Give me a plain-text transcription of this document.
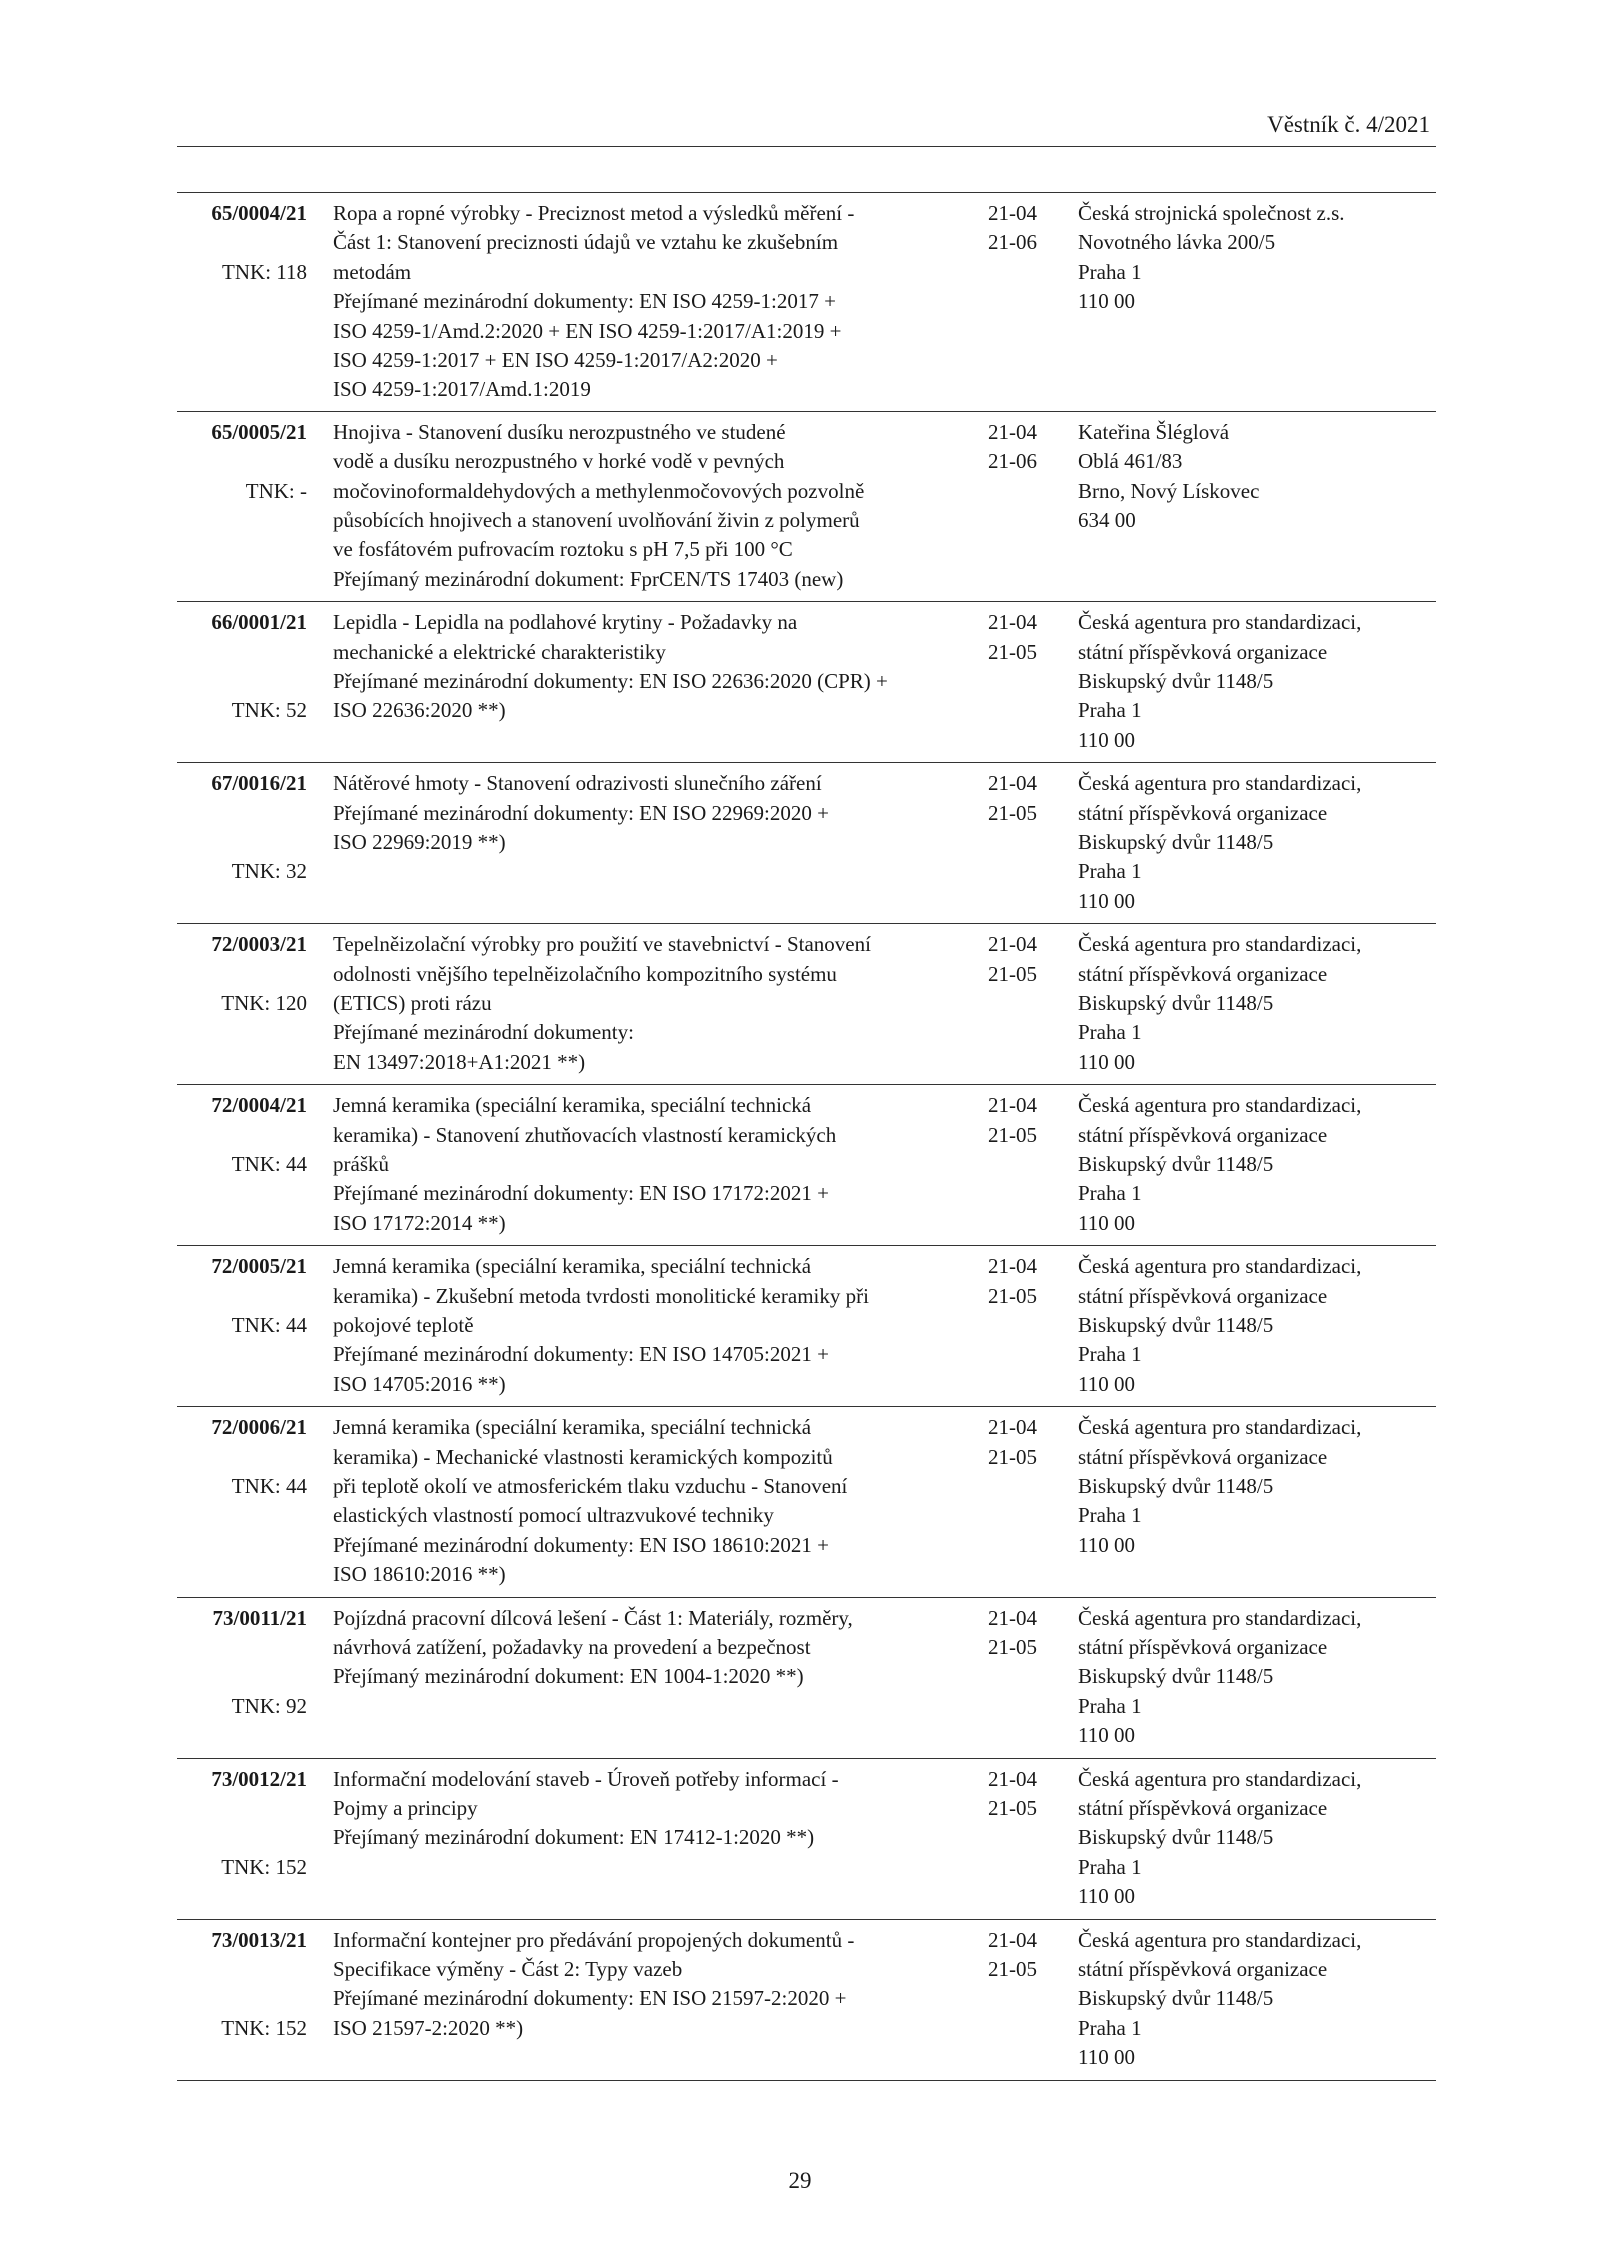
Věstník č. 4/2021
65/0004/21
TNK: 118
Ropa a ropné výrobky - Preciznost metod a výsledků měření -
Část 1: Stanovení preciznosti údajů ve vztahu ke zkušebním
metodám
Přejímané mezinárodní dokumenty: EN ISO 4259-1:2017 +
ISO 4259-1/Amd.2:2020 + EN ISO 4259-1:2017/A1:2019 +
ISO 4259-1:2017 + EN ISO 4259-1:2017/A2:2020 +
ISO 4259-1:2017/Amd.1:2019
21-04
21-06
Česká strojnická společnost z.s.
Novotného lávka 200/5
Praha 1
110 00
65/0005/21
TNK: -
Hnojiva - Stanovení dusíku nerozpustného ve studené
vodě a dusíku nerozpustného v horké vodě v pevných
močovinoformaldehydových a methylenmočovových pozvolně
působících hnojivech a stanovení uvolňování živin z polymerů
ve fosfátovém pufrovacím roztoku s pH 7,5 při 100 °C
Přejímaný mezinárodní dokument: FprCEN/TS 17403 (new)
21-04
21-06
Kateřina Šléglová
Oblá 461/83
Brno, Nový Lískovec
634 00
66/0001/21
TNK: 52
Lepidla - Lepidla na podlahové krytiny - Požadavky na
mechanické a elektrické charakteristiky
Přejímané mezinárodní dokumenty: EN ISO 22636:2020 (CPR) +
ISO 22636:2020 **)
21-04
21-05
Česká agentura pro standardizaci,
státní příspěvková organizace
Biskupský dvůr 1148/5
Praha 1
110 00
67/0016/21
TNK: 32
Nátěrové hmoty - Stanovení odrazivosti slunečního záření
Přejímané mezinárodní dokumenty: EN ISO 22969:2020 +
ISO 22969:2019 **)
21-04
21-05
Česká agentura pro standardizaci,
státní příspěvková organizace
Biskupský dvůr 1148/5
Praha 1
110 00
72/0003/21
TNK: 120
Tepelněizolační výrobky pro použití ve stavebnictví - Stanovení
odolnosti vnějšího tepelněizolačního kompozitního systému
(ETICS) proti rázu
Přejímané mezinárodní dokumenty:
EN 13497:2018+A1:2021 **)
21-04
21-05
Česká agentura pro standardizaci,
státní příspěvková organizace
Biskupský dvůr 1148/5
Praha 1
110 00
72/0004/21
TNK: 44
Jemná keramika (speciální keramika, speciální technická
keramika) - Stanovení zhutňovacích vlastností keramických
prášků
Přejímané mezinárodní dokumenty: EN ISO 17172:2021 +
ISO 17172:2014 **)
21-04
21-05
Česká agentura pro standardizaci,
státní příspěvková organizace
Biskupský dvůr 1148/5
Praha 1
110 00
72/0005/21
TNK: 44
Jemná keramika (speciální keramika, speciální technická
keramika) - Zkušební metoda tvrdosti monolitické keramiky při
pokojové teplotě
Přejímané mezinárodní dokumenty: EN ISO 14705:2021 +
ISO 14705:2016 **)
21-04
21-05
Česká agentura pro standardizaci,
státní příspěvková organizace
Biskupský dvůr 1148/5
Praha 1
110 00
72/0006/21
TNK: 44
Jemná keramika (speciální keramika, speciální technická
keramika) - Mechanické vlastnosti keramických kompozitů
při teplotě okolí ve atmosferickém tlaku vzduchu - Stanovení
elastických vlastností pomocí ultrazvukové techniky
Přejímané mezinárodní dokumenty: EN ISO 18610:2021 +
ISO 18610:2016 **)
21-04
21-05
Česká agentura pro standardizaci,
státní příspěvková organizace
Biskupský dvůr 1148/5
Praha 1
110 00
73/0011/21
TNK: 92
Pojízdná pracovní dílcová lešení - Část 1: Materiály, rozměry,
návrhová zatížení, požadavky na provedení a bezpečnost
Přejímaný mezinárodní dokument: EN 1004-1:2020 **)
21-04
21-05
Česká agentura pro standardizaci,
státní příspěvková organizace
Biskupský dvůr 1148/5
Praha 1
110 00
73/0012/21
TNK: 152
Informační modelování staveb - Úroveň potřeby informací -
Pojmy a principy
Přejímaný mezinárodní dokument: EN 17412-1:2020 **)
21-04
21-05
Česká agentura pro standardizaci,
státní příspěvková organizace
Biskupský dvůr 1148/5
Praha 1
110 00
73/0013/21
TNK: 152
Informační kontejner pro předávání propojených dokumentů -
Specifikace výměny - Část 2: Typy vazeb
Přejímané mezinárodní dokumenty: EN ISO 21597-2:2020 +
ISO 21597-2:2020 **)
21-04
21-05
Česká agentura pro standardizaci,
státní příspěvková organizace
Biskupský dvůr 1148/5
Praha 1
110 00
29
